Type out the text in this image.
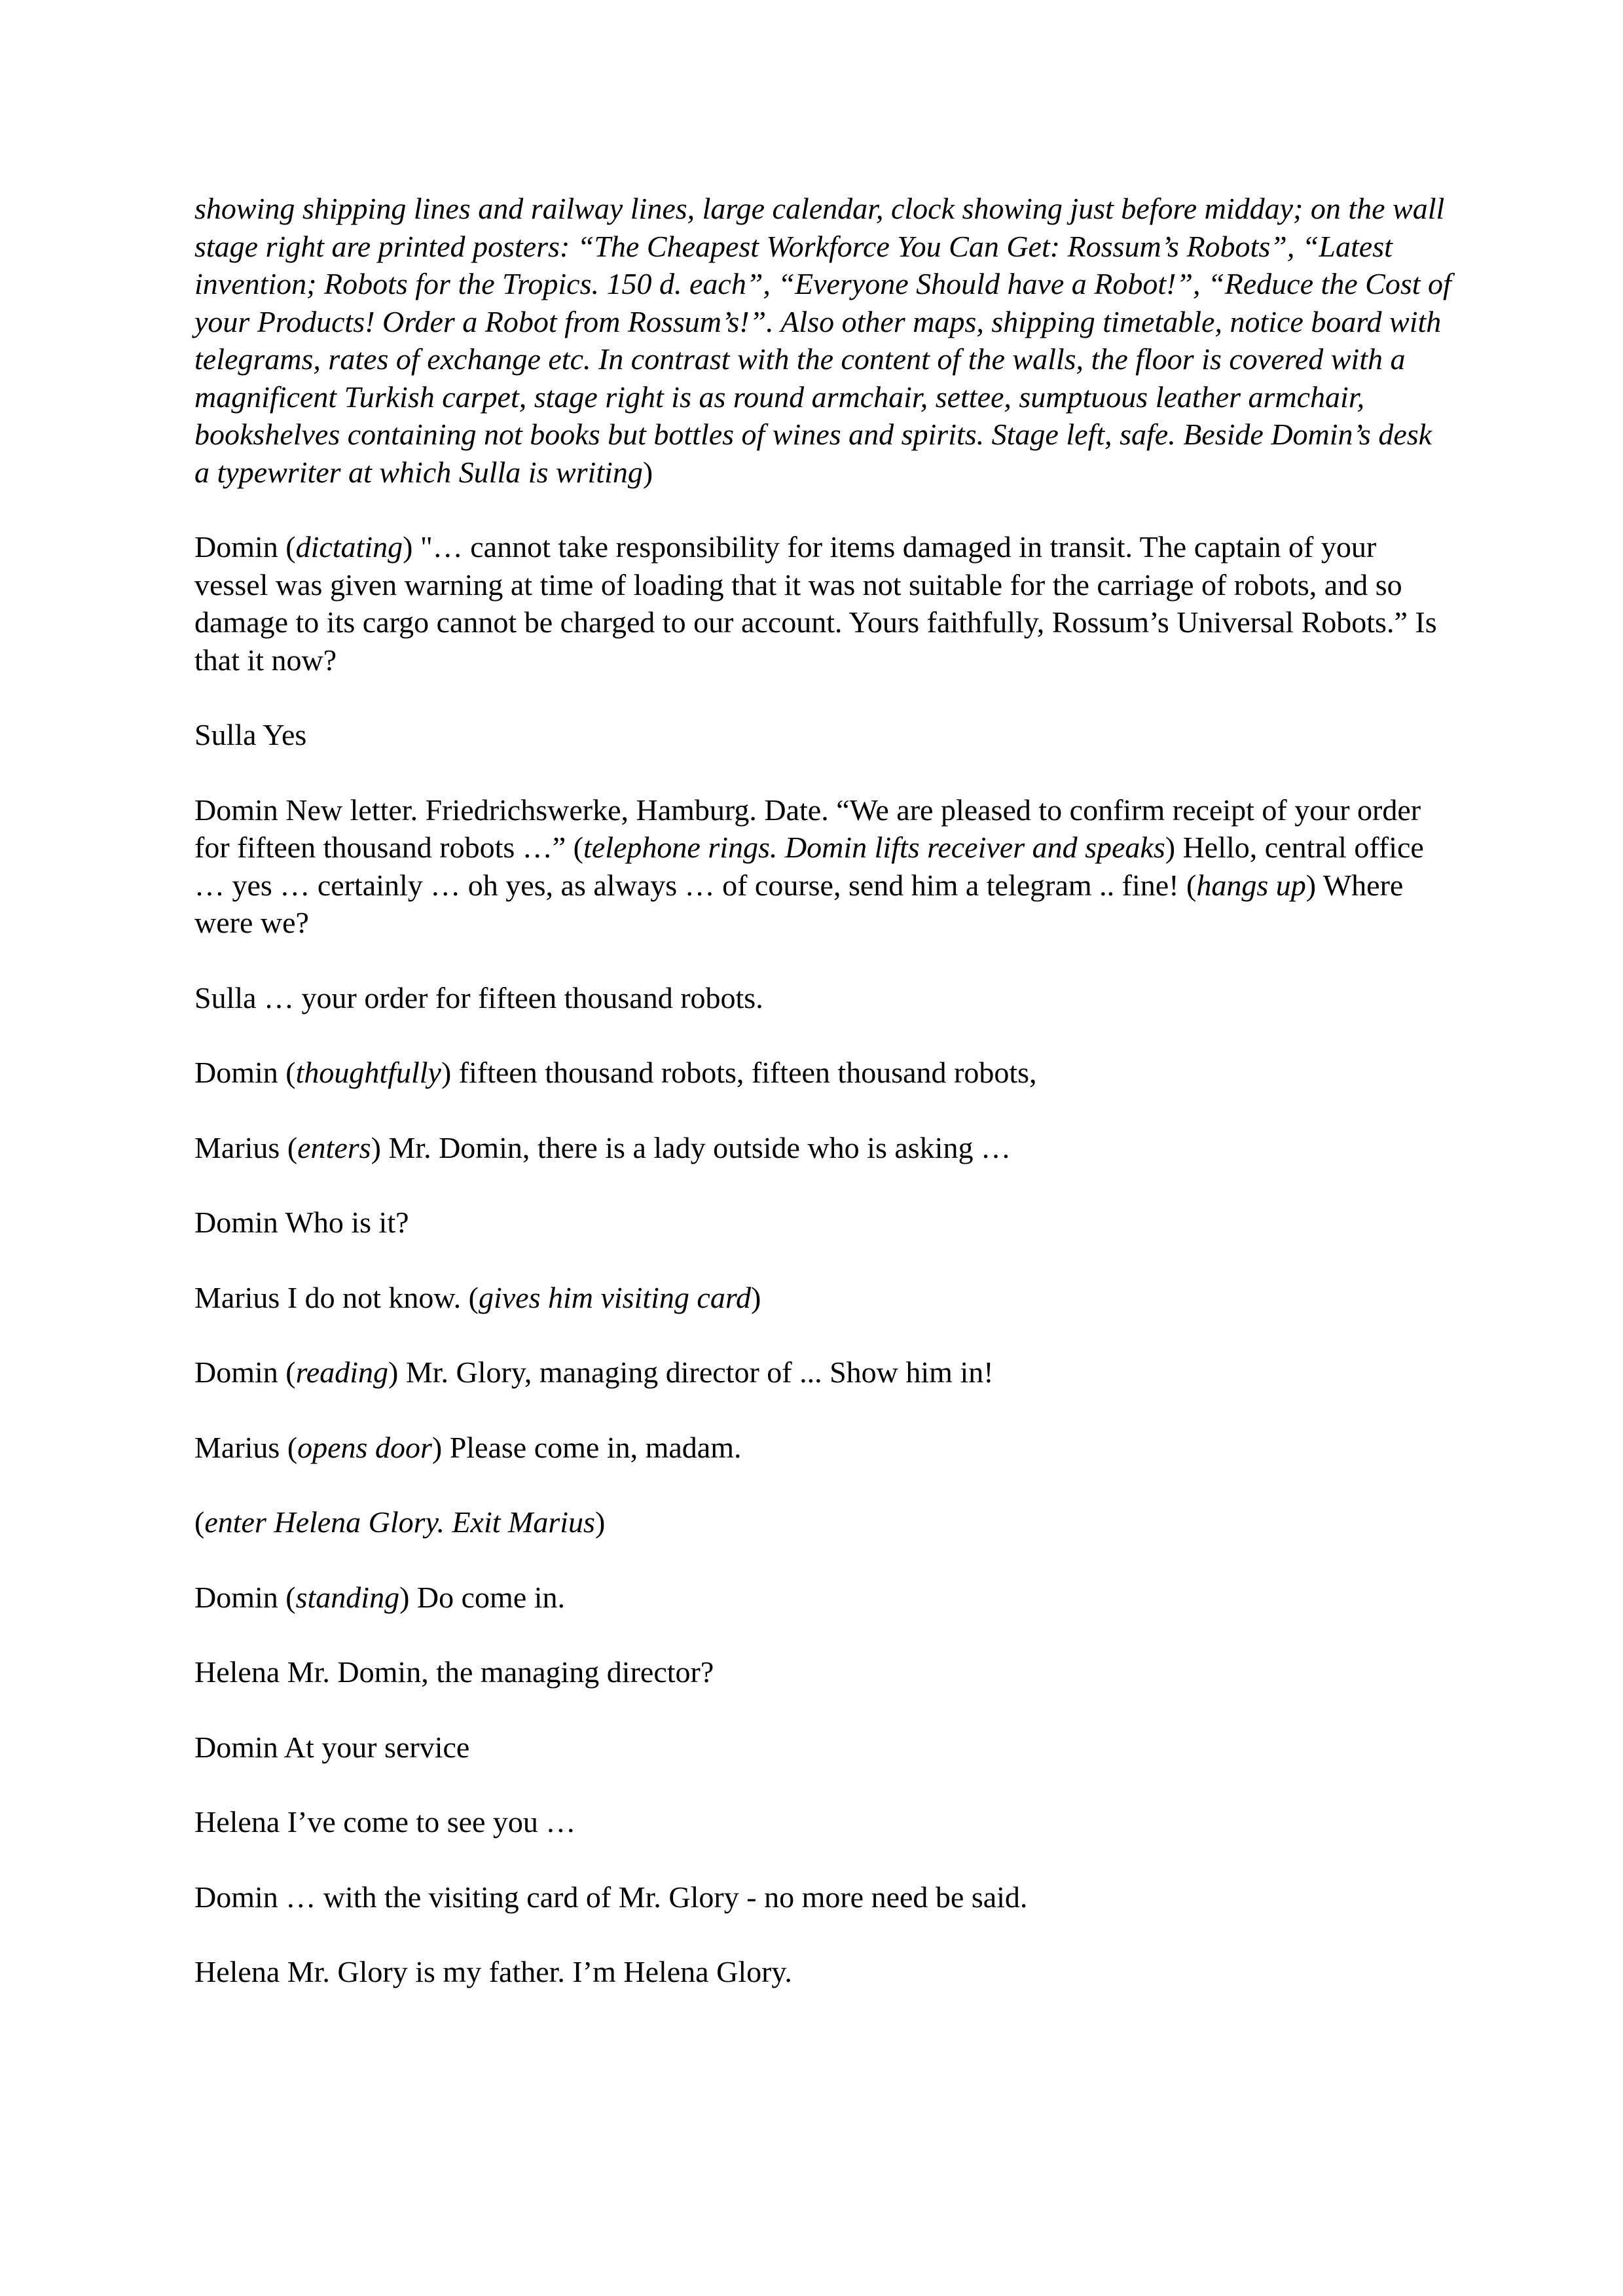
showing shipping lines and railway lines, large calendar, clock showing just before midday; on the wall stage right are printed posters: “The Cheapest Workforce You Can Get: Rossum’s Robots”, “Latest invention; Robots for the Tropics. 150 d. each”, “Everyone Should have a Robot!”, “Reduce the Cost of your Products! Order a Robot from Rossum’s!”. Also other maps, shipping timetable, notice board with telegrams, rates of exchange etc. In contrast with the content of the walls, the floor is covered with a magnificent Turkish carpet, stage right is as round armchair, settee, sumptuous leather armchair, bookshelves containing not books but bottles of wines and spirits. Stage left, safe. Beside Domin’s desk a typewriter at which Sulla is writing)

Domin (dictating) "… cannot take responsibility for items damaged in transit. The captain of your vessel was given warning at time of loading that it was not suitable for the carriage of robots, and so damage to its cargo cannot be charged to our account. Yours faithfully, Rossum’s Universal Robots.” Is that it now?

Sulla Yes

Domin New letter. Friedrichswerke, Hamburg. Date. “We are pleased to confirm receipt of your order for fifteen thousand robots …” (telephone rings. Domin lifts receiver and speaks) Hello, central office … yes … certainly … oh yes, as always … of course, send him a telegram .. fine! (hangs up) Where were we?

Sulla … your order for fifteen thousand robots.

Domin (thoughtfully) fifteen thousand robots, fifteen thousand robots,

Marius (enters) Mr. Domin, there is a lady outside who is asking …

Domin Who is it?

Marius I do not know. (gives him visiting card)

Domin (reading) Mr. Glory, managing director of ... Show him in!

Marius (opens door) Please come in, madam.

(enter Helena Glory. Exit Marius)

Domin (standing) Do come in.

Helena Mr. Domin, the managing director?

Domin At your service

Helena I’ve come to see you …

Domin … with the visiting card of Mr. Glory - no more need be said.

Helena Mr. Glory is my father. I’m Helena Glory.
